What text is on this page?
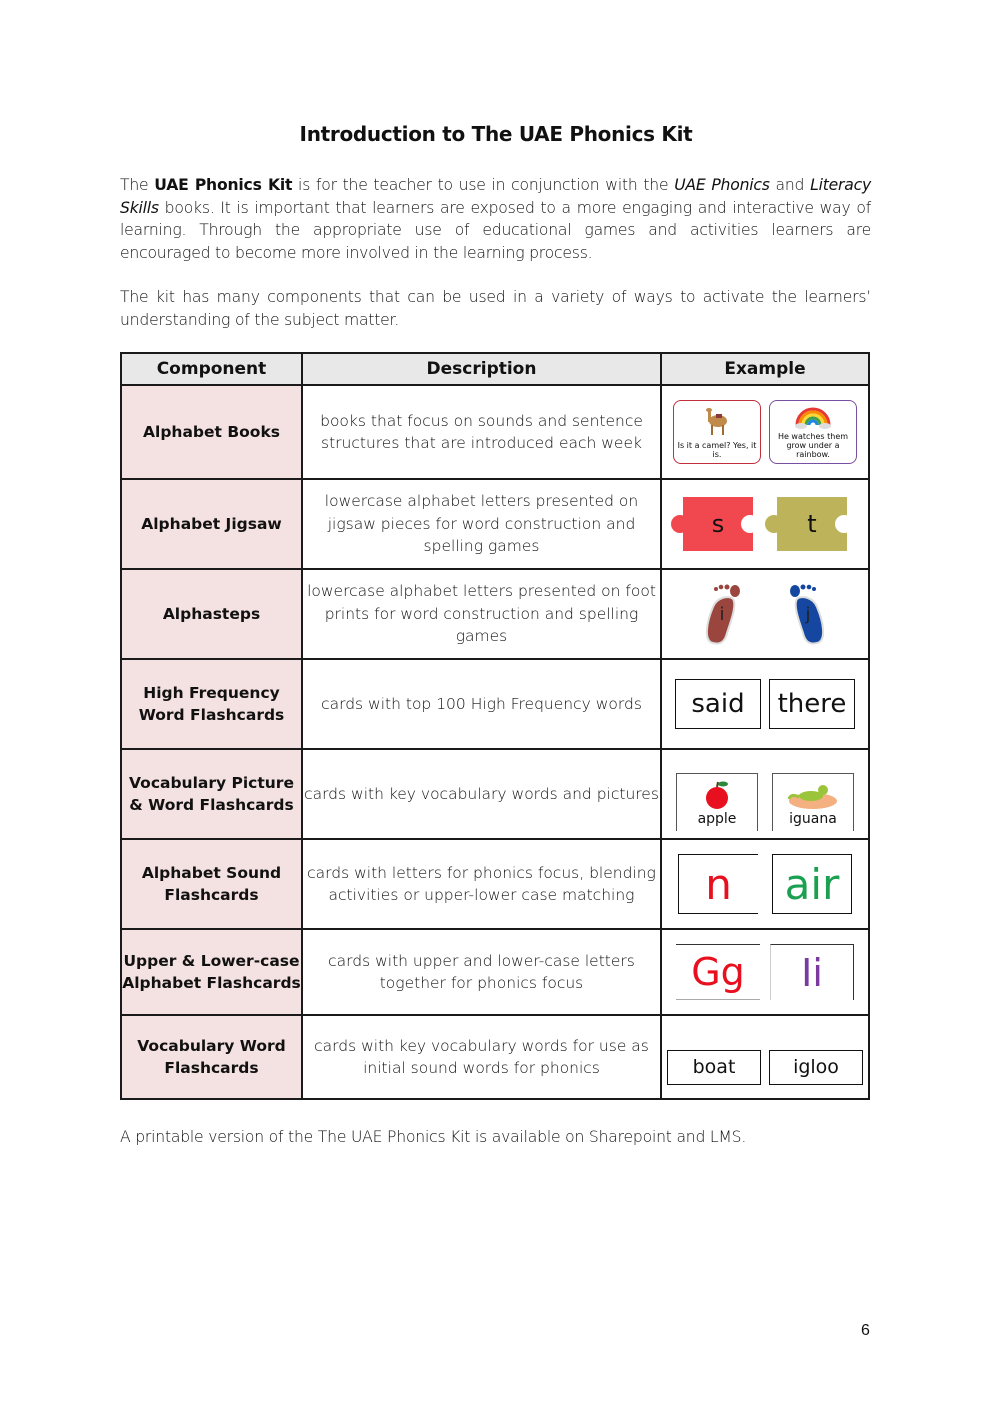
Introduction to The UAE Phonics Kit
The UAE Phonics Kit is for the teacher to use in conjunction with the UAE Phonics and Literacy Skills books. It is important that learners are exposed to a more engaging and interactive way of learning. Through the appropriate use of educational games and activities learners are encouraged to become more involved in the learning process.
The kit has many components that can be used in a variety of ways to activate the learners’ understanding of the subject matter.
Component	Description	Example
Alphabet Books	books that focus on sounds and sentence structures that are introduced each week	Is it a camel? Yes, it is.
He watches them grow under a rainbow.

Alphabet Jigsaw	lowercase alphabet letters presented on jigsaw pieces for word construction and spelling games	s t

Alphasteps	lowercase alphabet letters presented on foot prints for word construction and spelling games	i j

High Frequency Word Flashcards	cards with top 100 High Frequency words	said there

Vocabulary Picture & Word Flashcards	cards with key vocabulary words and pictures	apple iguana

Alphabet Sound Flashcards	cards with letters for phonics focus, blending activities or upper-lower case matching	n air

Upper & Lower-case Alphabet Flashcards	cards with upper and lower-case letters together for phonics focus	Gg Ii

Vocabulary Word Flashcards	cards with key vocabulary words for use as initial sound words for phonics	boat igloo
A printable version of the The UAE Phonics Kit is available on Sharepoint and LMS.
6
